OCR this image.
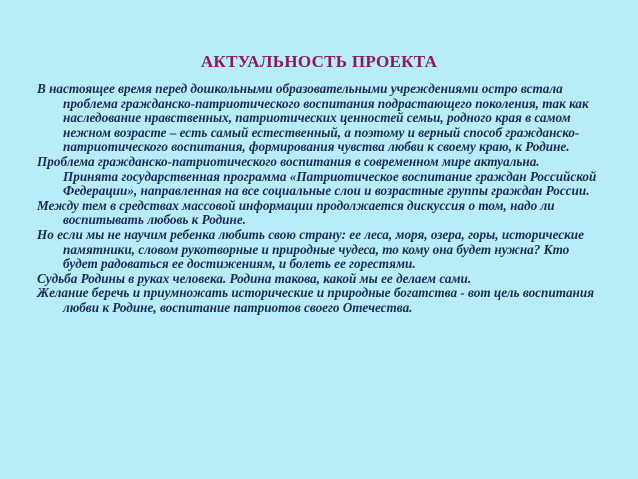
АКТУАЛЬНОСТЬ ПРОЕКТА

В настоящее время перед дошкольными образовательными учреждениями остро встала проблема гражданско-патриотического воспитания подрастающего поколения, так как наследование нравственных, патриотических ценностей семьи, родного края в самом нежном возрасте – есть самый естественный, а поэтому и верный способ гражданско-патриотического воспитания, формирования чувства любви к своему краю, к Родине.

Проблема гражданско-патриотического воспитания в современном мире актуальна. Принята государственная программа «Патриотическое воспитание граждан Российской Федерации», направленная на все социальные слои и возрастные группы граждан России.

Между тем в средствах массовой информации продолжается дискуссия о том, надо ли воспитывать любовь к Родине.

Но если мы не научим ребенка любить свою страну: ее леса, моря, озера, горы, исторические памятники, словом рукотворные и природные чудеса, то кому она будет нужна? Кто будет радоваться ее достижениям, и болеть ее горестями.

Судьба Родины в руках человека. Родина такова, какой мы ее делаем сами.

Желание беречь и приумножать исторические и природные богатства - вот цель воспитания любви к Родине, воспитание патриотов своего Отечества.
